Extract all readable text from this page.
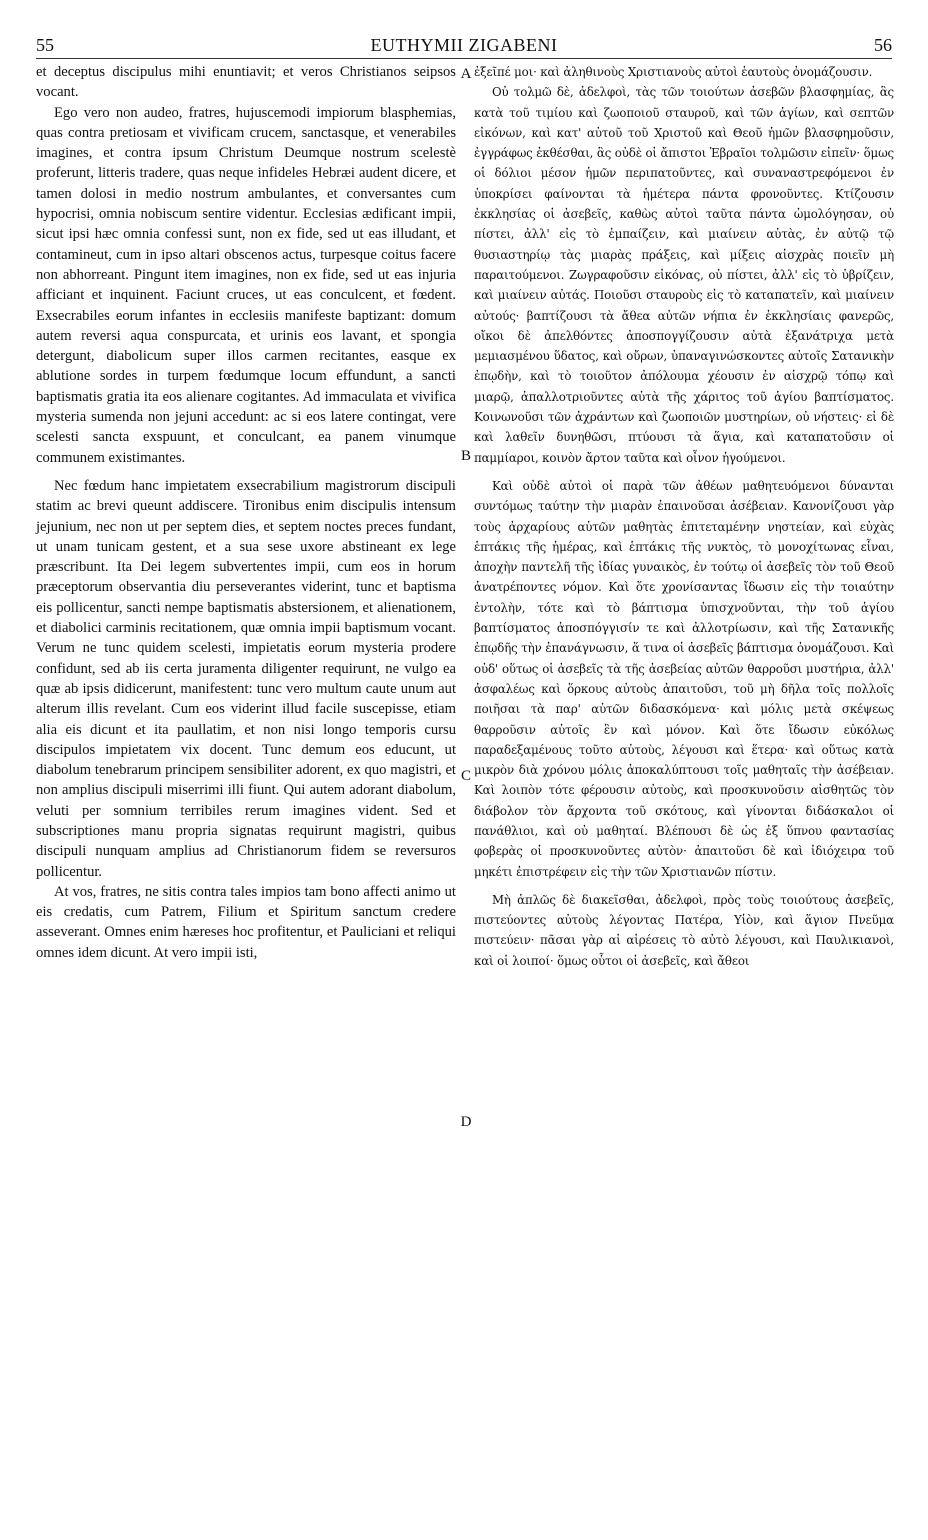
55	EUTHYMII ZIGABENI	56

et deceptus discipulus mihi enuntiavit; et veros Christianos seipsos vocant.

Ego vero non audeo, fratres, hujuscemodi impiorum blasphemias, quas contra pretiosam et vivificam crucem, sanctasque, et venerabiles imagines, et contra ipsum Christum Deumque nostrum scelestè proferunt, litteris tradere, quas neque infideles Hebræi audent dicere, et tamen dolosi in medio nostrum ambulantes, et conversantes cum hypocrisi, omnia nobiscum sentire videntur. Ecclesias ædificant impii, sicut ipsi hæc omnia confessi sunt, non ex fide, sed ut eas illudant, et contamineut, cum in ipso altari obscenos actus, turpesque coitus facere non abhorreant. Pingunt item imagines, non ex fide, sed ut eas injuria afficiant et inquinent. Faciunt cruces, ut eas conculcent, et fœdent. Exsecrabiles eorum infantes in ecclesiis manifeste baptizant: domum autem reversi aqua conspurcata, et urinis eos lavant, et spongia detergunt, diabolicum super illos carmen recitantes, easque ex ablutione sordes in turpem fœdumque locum effundunt, a sancti baptismatis gratia ita eos alienare cogitantes. Ad immaculata et vivifica mysteria sumenda non jejuni accedunt: ac si eos latere contingat, vere scelesti sancta exspuunt, et conculcant, ea panem vinumque communem existimantes.

Nec fœdum hanc impietatem exsecrabilium magistrorum discipuli statim ac brevi queunt addiscere. Tironibus enim discipulis intensum jejunium, nec non ut per septem dies, et septem noctes preces fundant, ut unam tunicam gestent, et a sua sese uxore abstineant ex lege præscribunt. Ita Dei legem subvertentes impii, cum eos in horum præceptorum observantia diu perseverantes viderint, tunc et baptisma eis pollicentur, sancti nempe baptismatis abstersionem, et alienationem, et diabolici carminis recitationem, quæ omnia impii baptismum vocant. Verum ne tunc quidem scelesti, impietatis eorum mysteria prodere confidunt, sed ab iis certa juramenta diligenter requirunt, ne vulgo ea quæ ab ipsis didicerunt, manifestent: tunc vero multum caute unum aut alterum illis revelant. Cum eos viderint illud facile suscepisse, etiam alia eis dicunt et ita paullatim, et non nisi longo temporis cursu discipulos impietatem vix docent. Tunc demum eos educunt, ut diabolum tenebrarum principem sensibiliter adorent, ex quo magistri, et non amplius discipuli miserrimi illi fiunt. Qui autem adorant diabolum, veluti per somnium terribiles rerum imagines vident. Sed et subscriptiones manu propria signatas requirunt magistri, quibus discipuli nunquam amplius ad Christianorum fidem se reversuros pollicentur.

At vos, fratres, ne sitis contra tales impios tam bono affecti animo ut eis credatis, cum Patrem, Filium et Spiritum sanctum credere asseverant. Omnes enim hæreses hoc profitentur, et Pauliciani et reliqui omnes idem dicunt. At vero impii isti,

A
B
C
D

ἐξεῖπέ μοι· καὶ ἀληθινοὺς Χριστιανοὺς αὐτοὶ ἑαυτοὺς ὀνομάζουσιν.

Οὐ τολμῶ δὲ, ἀδελφοὶ, τὰς τῶν τοιούτων ἀσεβῶν βλασφημίας, ἃς κατὰ τοῦ τιμίου καὶ ζωοποιοῦ σταυροῦ, καὶ τῶν ἁγίων, καὶ σεπτῶν εἰκόνων, καὶ κατ' αὐτοῦ τοῦ Χριστοῦ καὶ Θεοῦ ἡμῶν βλασφημοῦσιν, ἐγγράφως ἐκθέσθαι, ἃς οὐδὲ οἱ ἄπιστοι Ἑβραῖοι τολμῶσιν εἰπεῖν· ὅμως οἱ δόλιοι μέσον ἡμῶν περιπατοῦντες, καὶ συναναστρεφόμενοι ἐν ὑποκρίσει φαίνονται τὰ ἡμέτερα πάντα φρονοῦντες. Κτίζουσιν ἐκκλησίας οἱ ἀσεβεῖς, καθὼς αὐτοὶ ταῦτα πάντα ὡμολόγησαν, οὐ πίστει, ἀλλ' εἰς τὸ ἐμπαίζειν, καὶ μιαίνειν αὐτὰς, ἐν αὐτῷ τῷ θυσιαστηρίῳ τὰς μιαρὰς πράξεις, καὶ μίξεις αἰσχρὰς ποιεῖν μὴ παραιτούμενοι. Ζωγραφοῦσιν εἰκόνας, οὐ πίστει, ἀλλ' εἰς τὸ ὑβρίζειν, καὶ μιαίνειν αὐτάς. Ποιοῦσι σταυροὺς εἰς τὸ καταπατεῖν, καὶ μιαίνειν αὐτούς· βαπτίζουσι τὰ ἄθεα αὐτῶν νήπια ἐν ἐκκλησίαις φανερῶς, οἴκοι δὲ ἀπελθόντες ἀποσπογγίζουσιν αὐτὰ ἐξανάτριχα μετὰ μεμιασμένου ὕδατος, καὶ οὔρων, ὑπαναγινώσκοντες αὐτοῖς Σατανικὴν ἐπῳδὴν, καὶ τὸ τοιοῦτον ἀπόλουμα χέουσιν ἐν αἰσχρῷ τόπῳ καὶ μιαρῷ, ἀπαλλοτριοῦντες αὐτὰ τῆς χάριτος τοῦ ἁγίου βαπτίσματος. Κοινωνοῦσι τῶν ἀχράντων καὶ ζωοποιῶν μυστηρίων, οὐ νήστεις· εἰ δὲ καὶ λαθεῖν δυνηθῶσι, πτύουσι τὰ ἅγια, καὶ καταπατοῦσιν οἱ παμμίαροι, κοινὸν ἄρτον ταῦτα καὶ οἶνον ἡγούμενοι.

Καὶ οὐδὲ αὐτοὶ οἱ παρὰ τῶν ἀθέων μαθητευόμενοι δύνανται συντόμως ταύτην τὴν μιαρὰν ἐπαινοῦσαι ἀσέβειαν. Κανονίζουσι γὰρ τοὺς ἀρχαρίους αὐτῶν μαθητὰς ἐπιτεταμένην νηστείαν, καὶ εὐχὰς ἑπτάκις τῆς ἡμέρας, καὶ ἑπτάκις τῆς νυκτὸς, τὸ μονοχίτωνας εἶναι, ἀποχὴν παντελῆ τῆς ἰδίας γυναικὸς, ἐν τούτῳ οἱ ἀσεβεῖς τὸν τοῦ Θεοῦ ἀνατρέποντες νόμον. Καὶ ὅτε χρονίσαντας ἴδωσιν εἰς τὴν τοιαύτην ἐντολὴν, τότε καὶ τὸ βάπτισμα ὑπισχνοῦνται, τὴν τοῦ ἁγίου βαπτίσματος ἀποσπόγγισίν τε καὶ ἀλλοτρίωσιν, καὶ τῆς Σατανικῆς ἐπῳδῆς τὴν ἐπανάγνωσιν, ἅ τινα οἱ ἀσεβεῖς βάπτισμα ὀνομάζουσι. Καὶ οὐδ' οὕτως οἱ ἀσεβεῖς τὰ τῆς ἀσεβείας αὐτῶν θαρροῦσι μυστήρια, ἀλλ' ἀσφαλέως καὶ ὅρκους αὐτοὺς ἀπαιτοῦσι, τοῦ μὴ δῆλα τοῖς πολλοῖς ποιῆσαι τὰ παρ' αὐτῶν διδασκόμενα· καὶ μόλις μετὰ σκέψεως θαρροῦσιν αὐτοῖς ἓν καὶ μόνον. Καὶ ὅτε ἴδωσιν εὐκόλως παραδεξαμένους τοῦτο αὐτοὺς, λέγουσι καὶ ἕτερα· καὶ οὕτως κατὰ μικρὸν διὰ χρόνου μόλις ἀποκαλύπτουσι τοῖς μαθηταῖς τὴν ἀσέβειαν. Καὶ λοιπὸν τότε φέρουσιν αὐτοὺς, καὶ προσκυνοῦσιν αἰσθητῶς τὸν διάβολον τὸν ἄρχοντα τοῦ σκότους, καὶ γίνονται διδάσκαλοι οἱ πανάθλιοι, καὶ οὐ μαθηταί. Βλέπουσι δὲ ὡς ἐξ ὕπνου φαντασίας φοβερὰς οἱ προσκυνοῦντες αὐτὸν· ἀπαιτοῦσι δὲ καὶ ἰδιόχειρα τοῦ μηκέτι ἐπιστρέφειν εἰς τὴν τῶν Χριστιανῶν πίστιν.

Μὴ ἁπλῶς δὲ διακεῖσθαι, ἀδελφοὶ, πρὸς τοὺς τοιούτους ἀσεβεῖς, πιστεύοντες αὐτοὺς λέγοντας Πατέρα, Υἱὸν, καὶ ἅγιον Πνεῦμα πιστεύειν· πᾶσαι γὰρ αἱ αἱρέσεις τὸ αὐτὸ λέγουσι, καὶ Παυλικιανοὶ, καὶ οἱ λοιποί· ὅμως οὗτοι οἱ ἀσεβεῖς, καὶ ἄθεοι
